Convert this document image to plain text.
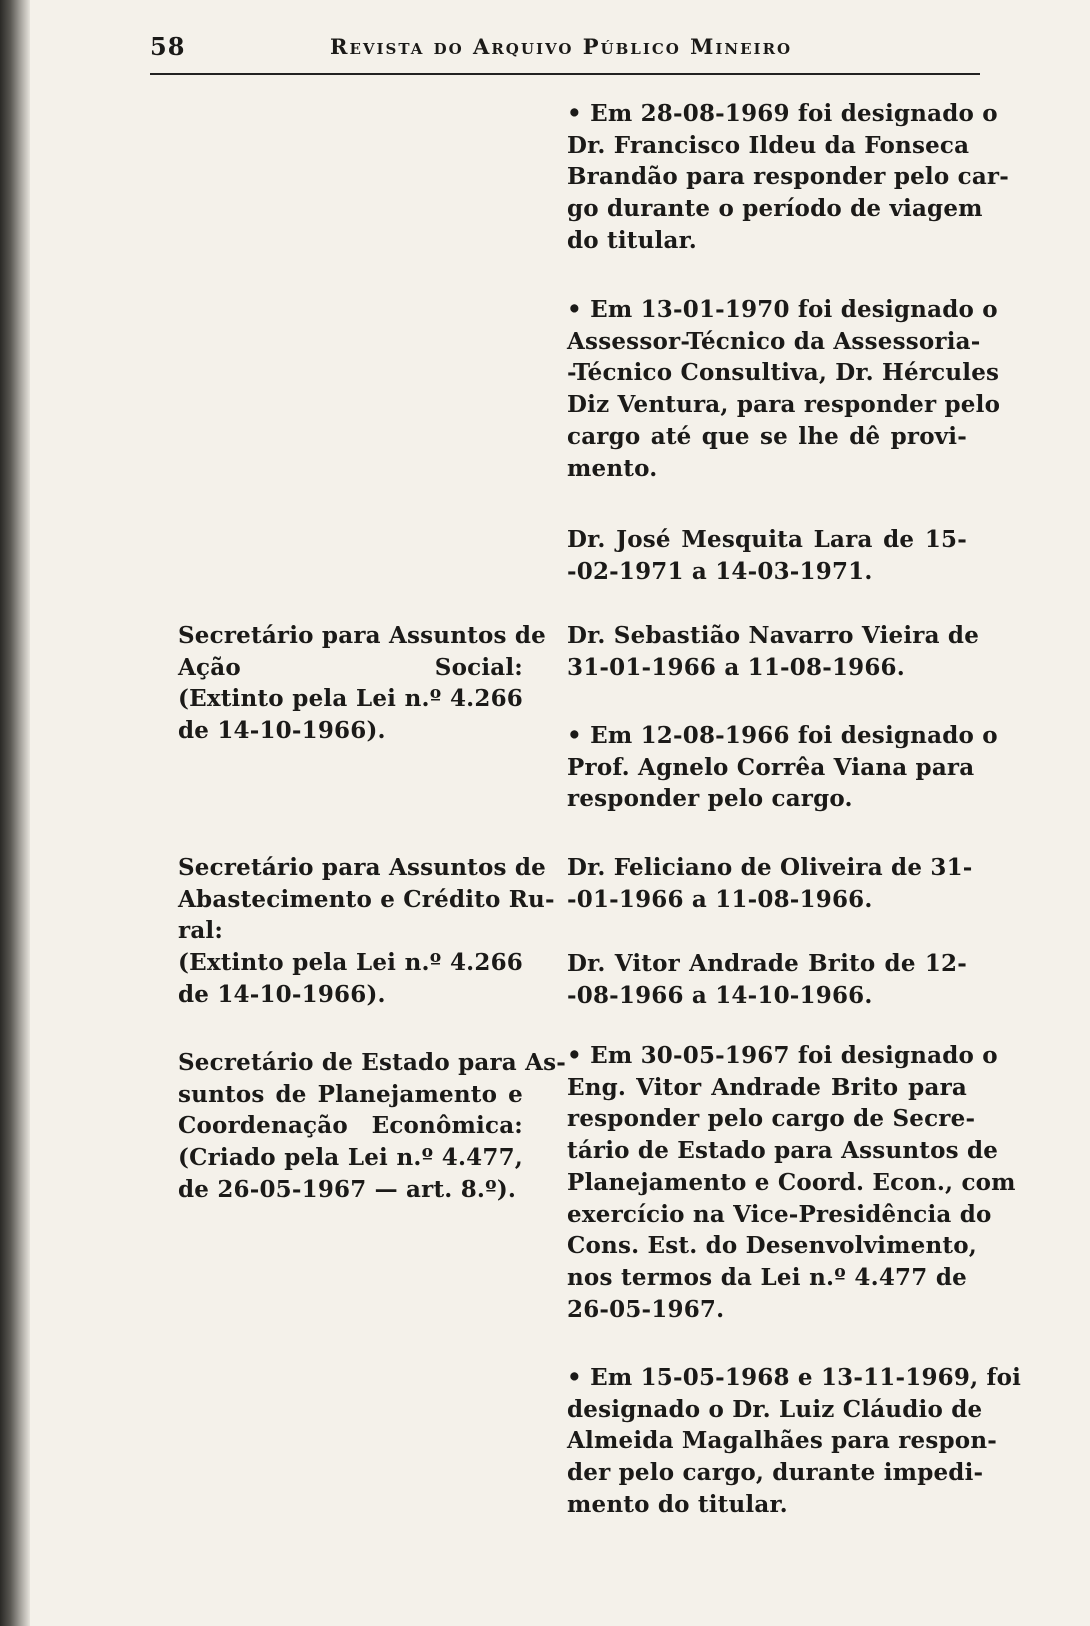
58	Revista do Arquivo Público Mineiro
Secretário para Assuntos de
Ação Social:
(Extinto pela Lei n.º 4.266
de 14-10-1966).
Secretário para Assuntos de
Abastecimento e Crédito Ru-
ral:
(Extinto pela Lei n.º 4.266
de 14-10-1966).
Secretário de Estado para As-
suntos de Planejamento e
Coordenação Econômica:
(Criado pela Lei n.º 4.477,
de 26-05-1967 — art. 8.º).
• Em 28-08-1969 foi designado o
Dr. Francisco Ildeu da Fonseca
Brandão para responder pelo car-
go durante o período de viagem
do titular.
• Em 13-01-1970 foi designado o
Assessor-Técnico da Assessoria-
-Técnico Consultiva, Dr. Hércules
Diz Ventura, para responder pelo
cargo até que se lhe dê provi-
mento.
Dr. José Mesquita Lara de 15-
-02-1971 a 14-03-1971.
Dr. Sebastião Navarro Vieira de
31-01-1966 a 11-08-1966.
• Em 12-08-1966 foi designado o
Prof. Agnelo Corrêa Viana para
responder pelo cargo.
Dr. Feliciano de Oliveira de 31-
-01-1966 a 11-08-1966.
Dr. Vitor Andrade Brito de 12-
-08-1966 a 14-10-1966.
• Em 30-05-1967 foi designado o
Eng. Vitor Andrade Brito para
responder pelo cargo de Secre-
tário de Estado para Assuntos de
Planejamento e Coord. Econ., com
exercício na Vice-Presidência do
Cons. Est. do Desenvolvimento,
nos termos da Lei n.º 4.477 de
26-05-1967.
• Em 15-05-1968 e 13-11-1969, foi
designado o Dr. Luiz Cláudio de
Almeida Magalhães para respon-
der pelo cargo, durante impedi-
mento do titular.
